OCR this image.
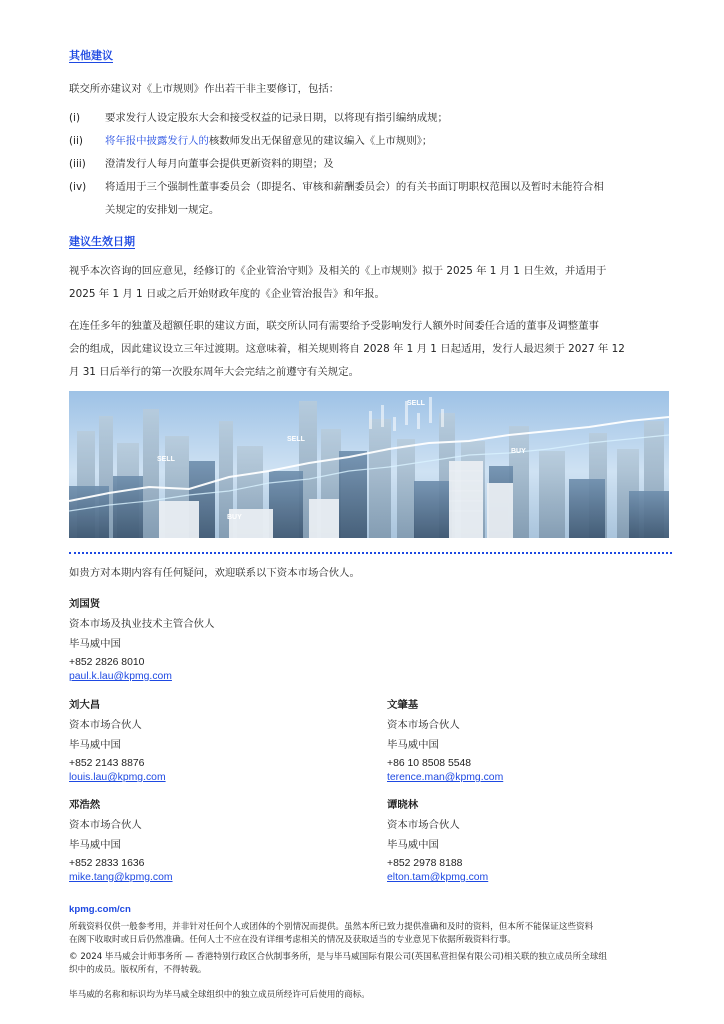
其他建议
联交所亦建议对《上市规则》作出若干非主要修订，包括：
(i)	要求发行人设定股东大会和接受权益的记录日期，以将现有指引编纳成规；
(ii)	将年报中披露发行人的核数师发出无保留意见的建议编入《上市规则》；
(iii)	澄清发行人每月向董事会提供更新资料的期望；及
(iv)	将适用于三个强制性董事委员会（即提名、审核和薪酬委员会）的有关书面订明职权范围以及暂时未能符合相
关规定的安排划一规定。
建议生效日期
视乎本次咨询的回应意见，经修订的《企业管治守则》及相关的《上市规则》拟于 2025 年 1 月 1 日生效，并适用于
2025 年 1 月 1 日或之后开始财政年度的《企业管治报告》和年报。
在连任多年的独董及超额任职的建议方面，联交所认同有需要给予受影响发行人额外时间委任合适的董事及调整董事
会的组成，因此建议设立三年过渡期。这意味着，相关规则将自 2028 年 1 月 1 日起适用，发行人最迟须于 2027 年 12
月 31 日后举行的第一次股东周年大会完结之前遵守有关规定。
SELL
SELL
SELL
BUY
BUY
如贵方对本期内容有任何疑问，欢迎联系以下资本市场合伙人。
刘国贤
资本市场及执业技术主管合伙人
毕马威中国
+852 2826 8010
paul.k.lau@kpmg.com
刘大昌
资本市场合伙人
毕马威中国
+852 2143 8876
louis.lau@kpmg.com
文肇基
资本市场合伙人
毕马威中国
+86 10 8508 5548
terence.man@kpmg.com
邓浩然
资本市场合伙人
毕马威中国
+852 2833 1636
mike.tang@kpmg.com
谭晓林
资本市场合伙人
毕马威中国
+852 2978 8188
elton.tam@kpmg.com
kpmg.com/cn
所载资料仅供一般参考用，并非针对任何个人或团体的个别情况而提供。虽然本所已致力提供准确和及时的资料，但本所不能保证这些资料
在阁下收取时或日后仍然准确。任何人士不应在没有详细考虑相关的情况及获取适当的专业意见下依据所载资料行事。
© 2024 毕马威会计师事务所 — 香港特别行政区合伙制事务所，是与毕马威国际有限公司(英国私营担保有限公司)相关联的独立成员所全球组
织中的成员。版权所有，不得转载。
毕马威的名称和标识均为毕马威全球组织中的独立成员所经许可后使用的商标。
